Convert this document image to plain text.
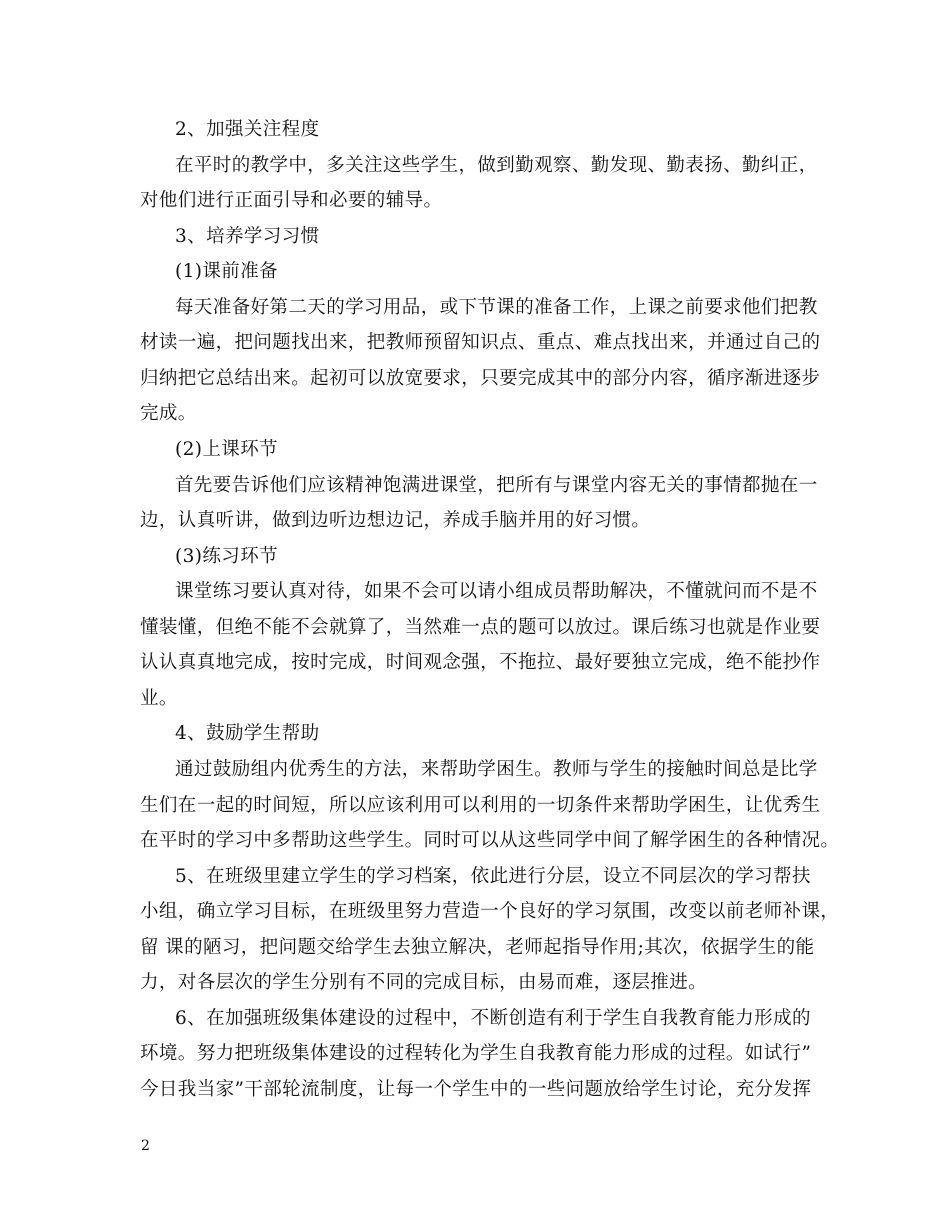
2、加强关注程度
在平时的教学中，多关注这些学生，做到勤观察、勤发现、勤表扬、勤纠正，
对他们进行正面引导和必要的辅导。
3、培养学习习惯
(1)课前准备
每天准备好第二天的学习用品，或下节课的准备工作，上课之前要求他们把教
材读一遍，把问题找出来，把教师预留知识点、重点、难点找出来，并通过自己的
归纳把它总结出来。起初可以放宽要求，只要完成其中的部分内容，循序渐进逐步
完成。
(2)上课环节
首先要告诉他们应该精神饱满进课堂，把所有与课堂内容无关的事情都抛在一
边，认真听讲，做到边听边想边记，养成手脑并用的好习惯。
(3)练习环节
课堂练习要认真对待，如果不会可以请小组成员帮助解决，不懂就问而不是不
懂装懂，但绝不能不会就算了，当然难一点的题可以放过。课后练习也就是作业要
认认真真地完成，按时完成，时间观念强，不拖拉、最好要独立完成，绝不能抄作
业。
4、鼓励学生帮助
通过鼓励组内优秀生的方法，来帮助学困生。教师与学生的接触时间总是比学
生们在一起的时间短，所以应该利用可以利用的一切条件来帮助学困生，让优秀生
在平时的学习中多帮助这些学生。同时可以从这些同学中间了解学困生的各种情况。
5、在班级里建立学生的学习档案，依此进行分层，设立不同层次的学习帮扶
小组，确立学习目标，在班级里努力营造一个良好的学习氛围，改变以前老师补课，
留 课的陋习，把问题交给学生去独立解决，老师起指导作用;其次，依据学生的能
力，对各层次的学生分别有不同的完成目标，由易而难，逐层推进。
6、在加强班级集体建设的过程中，不断创造有利于学生自我教育能力形成的
环境。努力把班级集体建设的过程转化为学生自我教育能力形成的过程。如试行”
今日我当家”干部轮流制度，让每一个学生中的一些问题放给学生讨论，充分发挥
2
